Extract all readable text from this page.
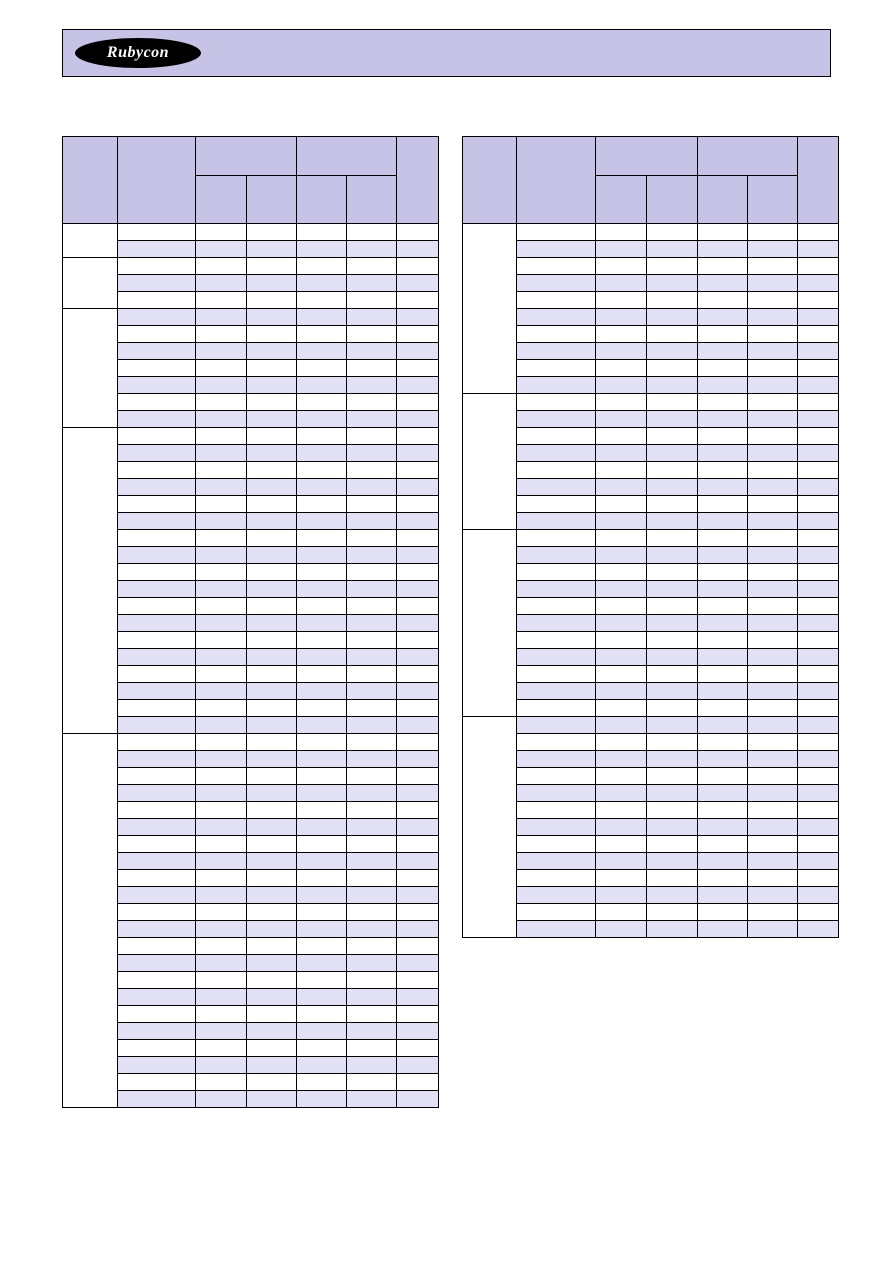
Rubycon
